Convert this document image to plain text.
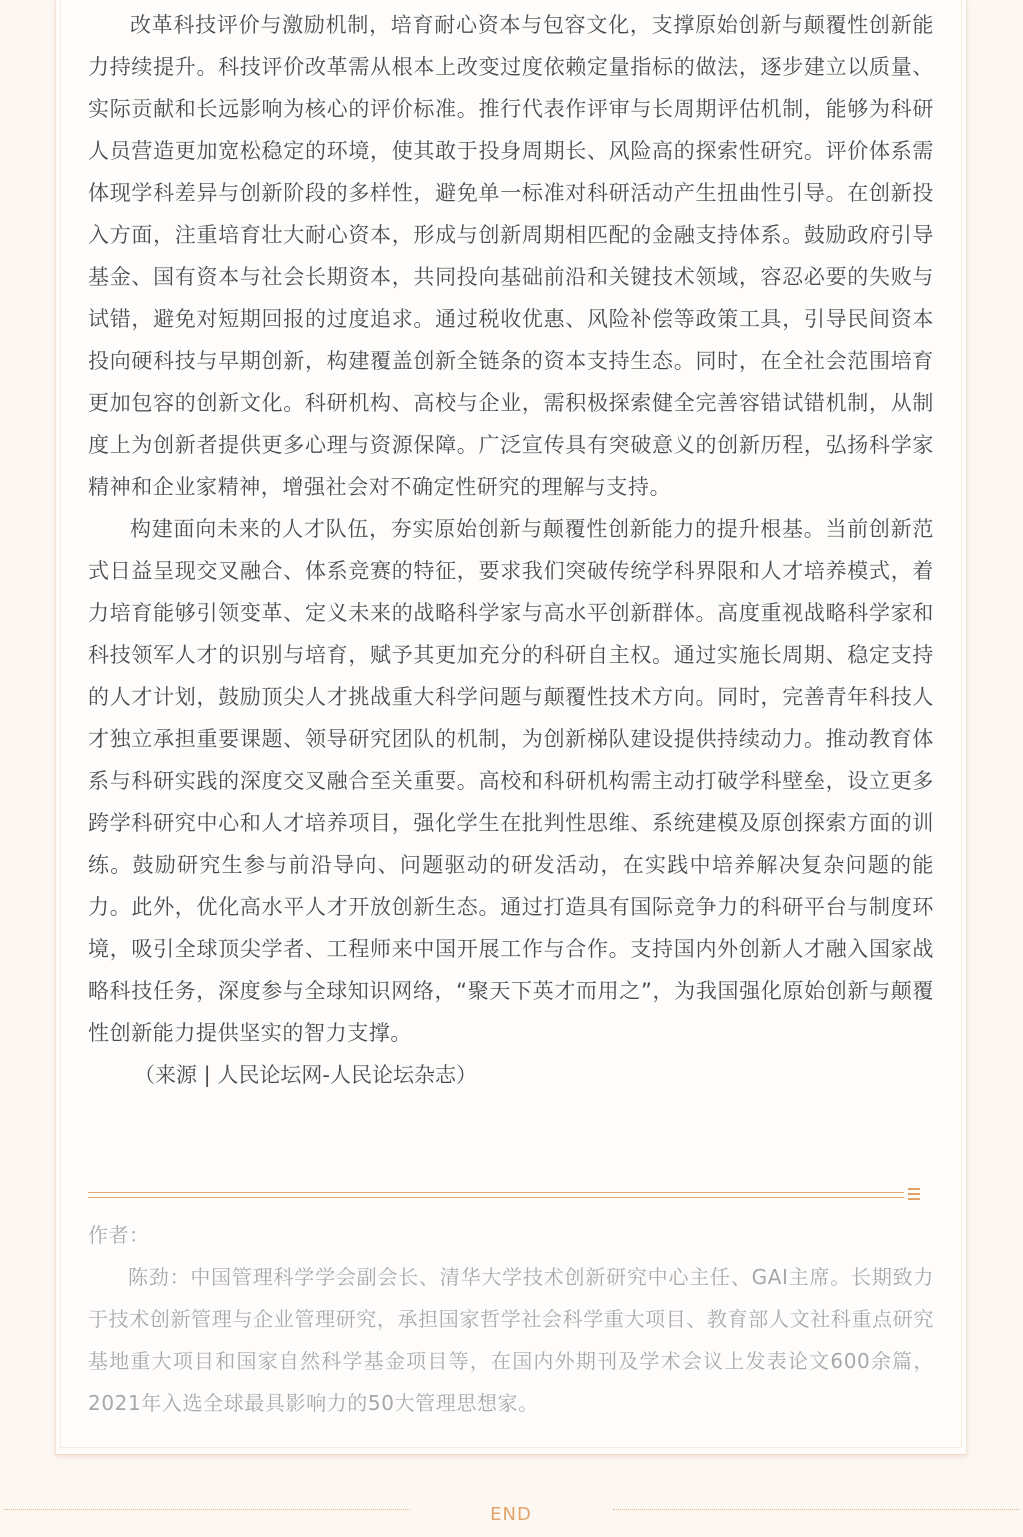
改革科技评价与激励机制，培育耐心资本与包容文化，支撑原始创新与颠覆性创新能力持续提升。科技评价改革需从根本上改变过度依赖定量指标的做法，逐步建立以质量、实际贡献和长远影响为核心的评价标准。推行代表作评审与长周期评估机制，能够为科研人员营造更加宽松稳定的环境，使其敢于投身周期长、风险高的探索性研究。评价体系需体现学科差异与创新阶段的多样性，避免单一标准对科研活动产生扭曲性引导。在创新投入方面，注重培育壮大耐心资本，形成与创新周期相匹配的金融支持体系。鼓励政府引导基金、国有资本与社会长期资本，共同投向基础前沿和关键技术领域，容忍必要的失败与试错，避免对短期回报的过度追求。通过税收优惠、风险补偿等政策工具，引导民间资本投向硬科技与早期创新，构建覆盖创新全链条的资本支持生态。同时，在全社会范围培育更加包容的创新文化。科研机构、高校与企业，需积极探索健全完善容错试错机制，从制度上为创新者提供更多心理与资源保障。广泛宣传具有突破意义的创新历程，弘扬科学家精神和企业家精神，增强社会对不确定性研究的理解与支持。

构建面向未来的人才队伍，夯实原始创新与颠覆性创新能力的提升根基。当前创新范式日益呈现交叉融合、体系竞赛的特征，要求我们突破传统学科界限和人才培养模式，着力培育能够引领变革、定义未来的战略科学家与高水平创新群体。高度重视战略科学家和科技领军人才的识别与培育，赋予其更加充分的科研自主权。通过实施长周期、稳定支持的人才计划，鼓励顶尖人才挑战重大科学问题与颠覆性技术方向。同时，完善青年科技人才独立承担重要课题、领导研究团队的机制，为创新梯队建设提供持续动力。推动教育体系与科研实践的深度交叉融合至关重要。高校和科研机构需主动打破学科壁垒，设立更多跨学科研究中心和人才培养项目，强化学生在批判性思维、系统建模及原创探索方面的训练。鼓励研究生参与前沿导向、问题驱动的研发活动，在实践中培养解决复杂问题的能力。此外，优化高水平人才开放创新生态。通过打造具有国际竞争力的科研平台与制度环境，吸引全球顶尖学者、工程师来中国开展工作与合作。支持国内外创新人才融入国家战略科技任务，深度参与全球知识网络，“聚天下英才而用之”，为我国强化原始创新与颠覆性创新能力提供坚实的智力支撑。

（来源 | 人民论坛网-人民论坛杂志）

作者：

陈劲：中国管理科学学会副会长、清华大学技术创新研究中心主任、GAI主席。长期致力于技术创新管理与企业管理研究，承担国家哲学社会科学重大项目、教育部人文社科重点研究基地重大项目和国家自然科学基金项目等，在国内外期刊及学术会议上发表论文600余篇，2021年入选全球最具影响力的50大管理思想家。

END
